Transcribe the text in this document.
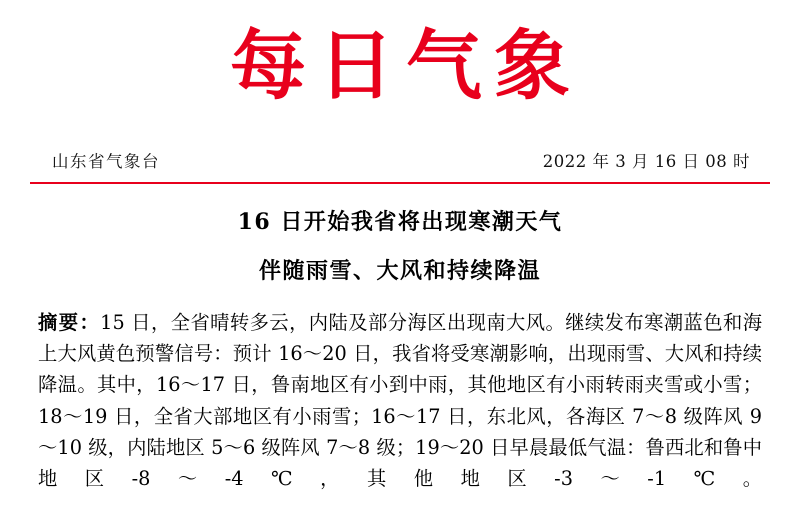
每日气象
山东省气象台	2022 年 3 月 16 日 08 时
16 日开始我省将出现寒潮天气
伴随雨雪、大风和持续降温
摘要：15 日，全省晴转多云，内陆及部分海区出现南大风。继续发布寒潮蓝色和海上大风黄色预警信号：预计 16～20 日，我省将受寒潮影响，出现雨雪、大风和持续降温。其中，16～17 日，鲁南地区有小到中雨，其他地区有小雨转雨夹雪或小雪；18～19 日，全省大部地区有小雨雪；16～17 日，东北风，各海区 7～8 级阵风 9～10 级，内陆地区 5～6 级阵风 7～8 级；19～20 日早晨最低气温：鲁西北和鲁中地区-8～-4℃，其他地区-3～-1℃。
